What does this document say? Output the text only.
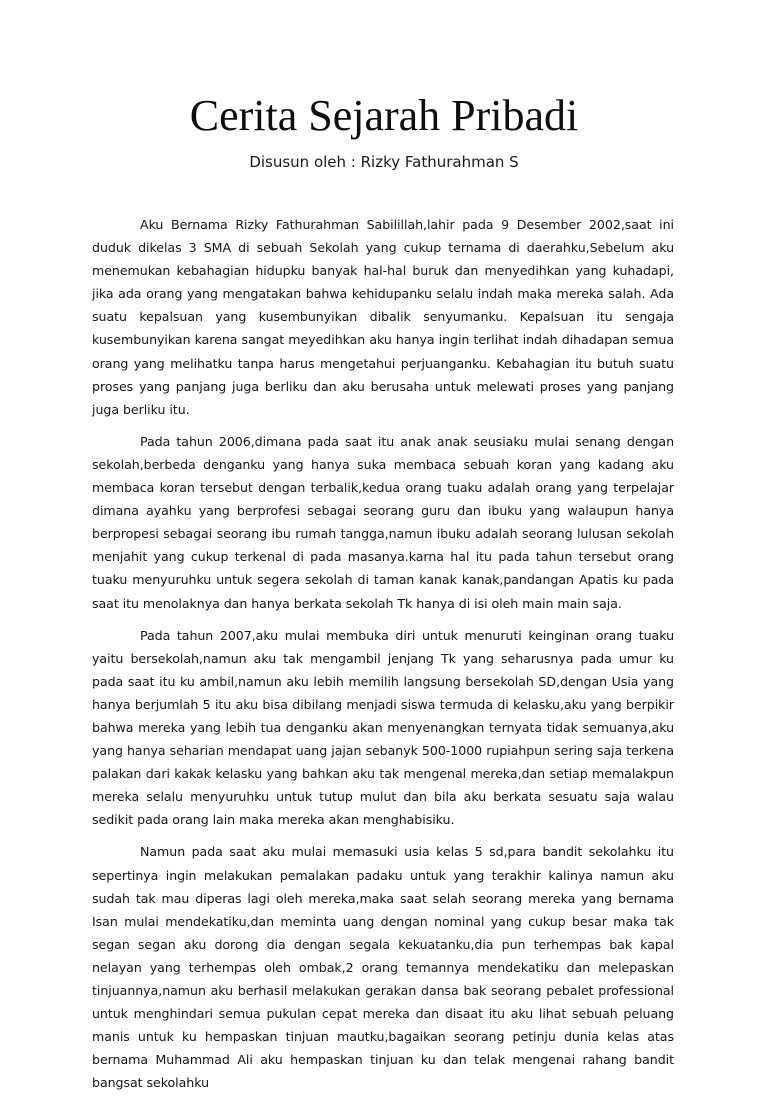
Cerita Sejarah Pribadi

Disusun oleh : Rizky Fathurahman S

Aku Bernama Rizky Fathurahman Sabilillah,lahir pada 9 Desember 2002,saat ini duduk dikelas 3 SMA di sebuah Sekolah yang cukup ternama di daerahku,Sebelum aku menemukan kebahagian hidupku banyak hal-hal buruk dan menyedihkan yang kuhadapi, jika ada orang yang mengatakan bahwa kehidupanku selalu indah maka mereka salah. Ada suatu kepalsuan yang kusembunyikan dibalik senyumanku. Kepalsuan itu sengaja kusembunyikan karena sangat meyedihkan aku hanya ingin terlihat indah dihadapan semua orang yang melihatku tanpa harus mengetahui perjuanganku. Kebahagian itu butuh suatu proses yang panjang juga berliku dan aku berusaha untuk melewati proses yang panjang juga berliku itu.

Pada tahun 2006,dimana pada saat itu anak anak seusiaku mulai senang dengan sekolah,berbeda denganku yang hanya suka membaca sebuah koran yang kadang aku membaca koran tersebut dengan terbalik,kedua orang tuaku adalah orang yang terpelajar dimana ayahku yang berprofesi sebagai seorang guru dan ibuku yang walaupun hanya berpropesi sebagai seorang ibu rumah tangga,namun ibuku adalah seorang lulusan sekolah menjahit yang cukup terkenal di pada masanya.karna hal itu pada tahun tersebut orang tuaku menyuruhku untuk segera sekolah di taman kanak kanak,pandangan Apatis ku pada saat itu menolaknya dan hanya berkata sekolah Tk hanya di isi oleh main main saja.

Pada tahun 2007,aku mulai membuka diri untuk menuruti keinginan orang tuaku yaitu bersekolah,namun aku tak mengambil jenjang Tk yang seharusnya pada umur ku pada saat itu ku ambil,namun aku lebih memilih langsung bersekolah SD,dengan Usia yang hanya berjumlah 5 itu aku bisa dibilang menjadi siswa termuda di kelasku,aku yang berpikir bahwa mereka yang lebih tua denganku akan menyenangkan ternyata tidak semuanya,aku yang hanya seharian mendapat uang jajan sebanyk 500-1000 rupiahpun sering saja terkena palakan dari kakak kelasku yang bahkan aku tak mengenal mereka,dan setiap memalakpun mereka selalu menyuruhku untuk tutup mulut dan bila aku berkata sesuatu saja walau sedikit pada orang lain maka mereka akan menghabisiku.

Namun pada saat aku mulai memasuki usia kelas 5 sd,para bandit sekolahku itu sepertinya ingin melakukan pemalakan padaku untuk yang terakhir kalinya namun aku sudah tak mau diperas lagi oleh mereka,maka saat selah seorang mereka yang bernama Isan mulai mendekatiku,dan meminta uang dengan nominal yang cukup besar maka tak segan segan aku dorong dia dengan segala kekuatanku,dia pun terhempas bak kapal nelayan yang terhempas oleh ombak,2 orang temannya mendekatiku dan melepaskan tinjuannya,namun aku berhasil melakukan gerakan dansa bak seorang pebalet professional untuk menghindari semua pukulan cepat mereka dan disaat itu aku lihat sebuah peluang manis untuk ku hempaskan tinjuan mautku,bagaikan seorang petinju dunia kelas atas bernama Muhammad Ali aku hempaskan tinjuan ku dan telak mengenai rahang bandit bangsat sekolahku
